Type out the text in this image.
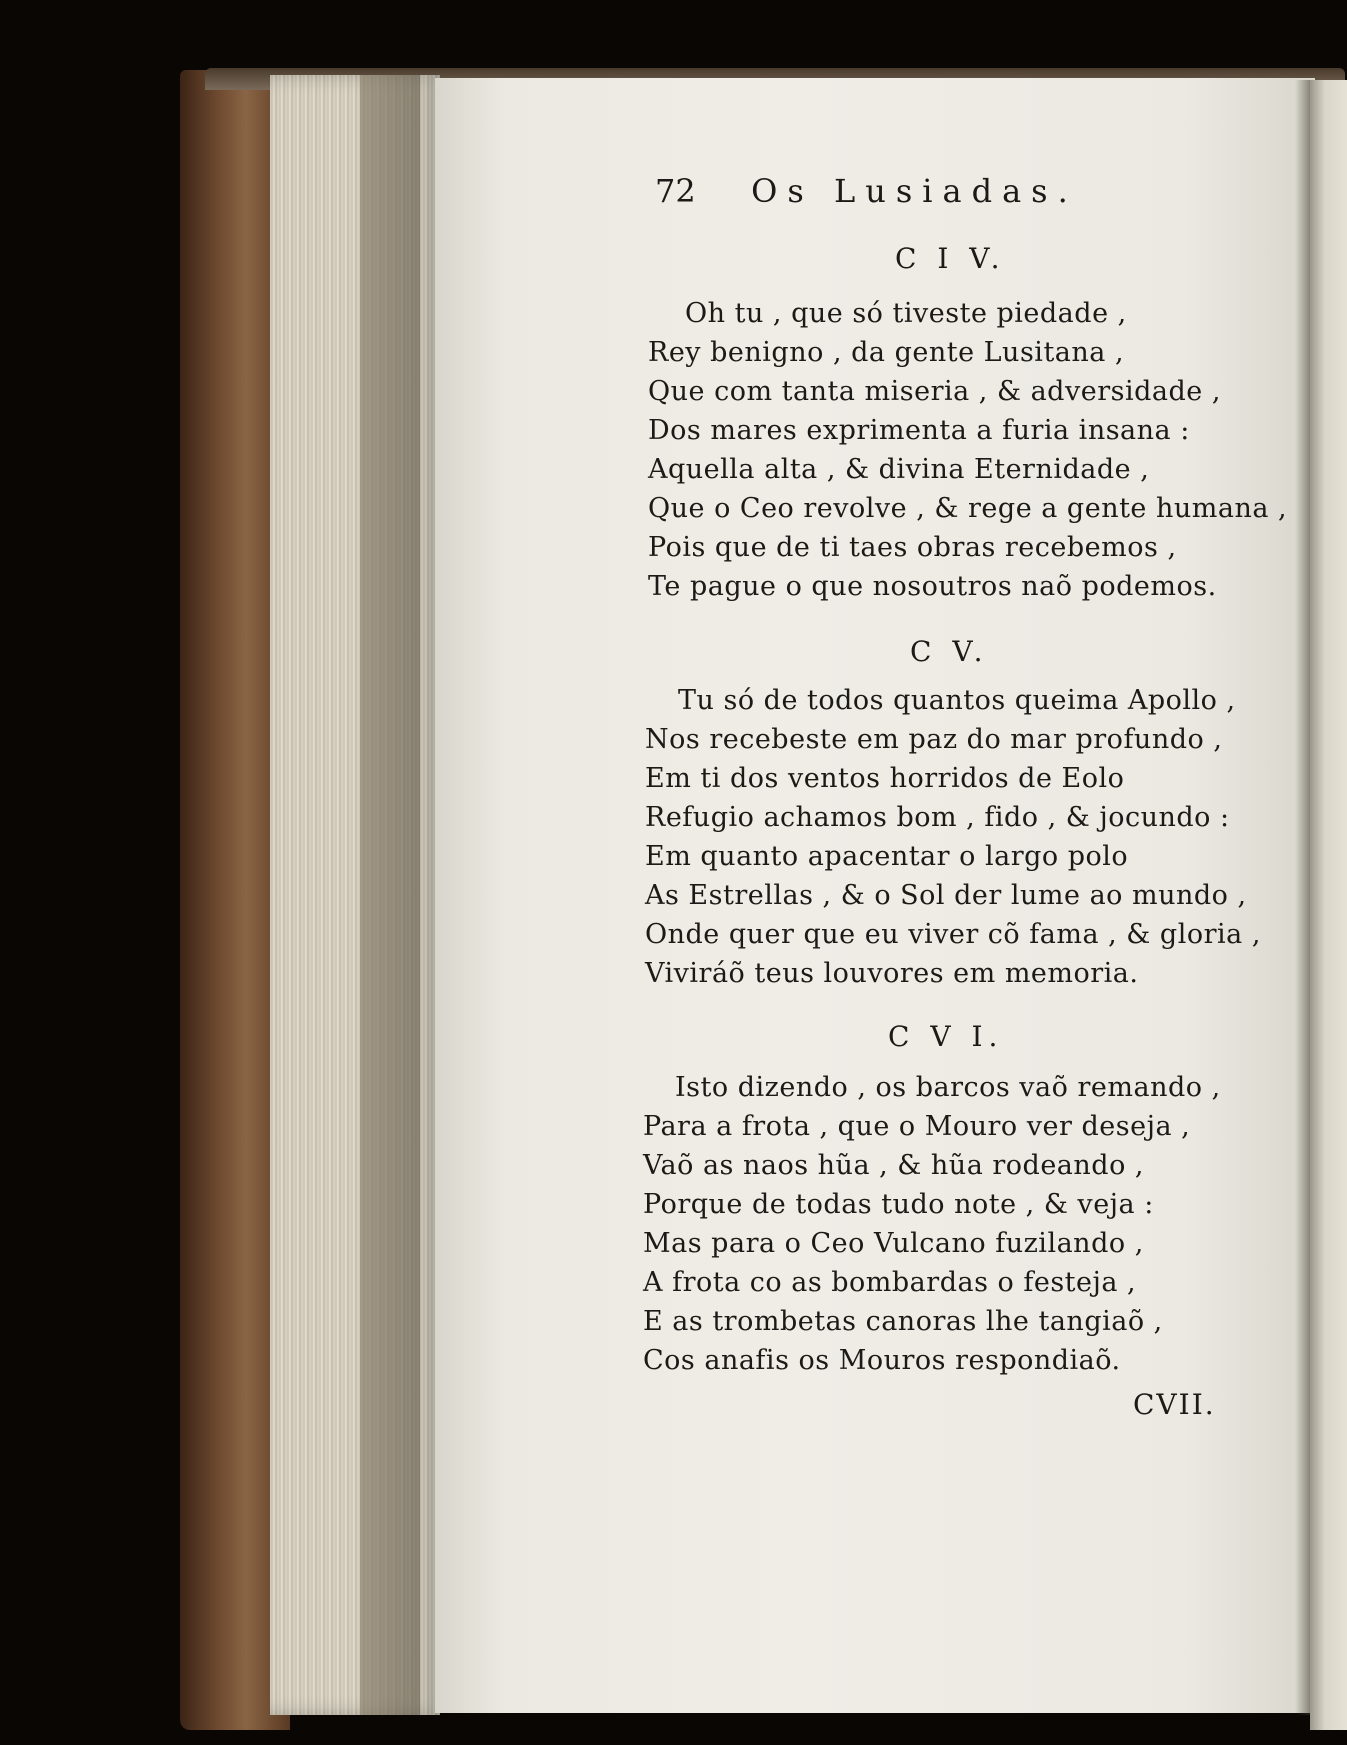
72 Os Lusiadas.
C I V.
Oh tu , que só tiveste piedade ,
Rey benigno , da gente Lusitana ,
Que com tanta miseria , & adversidade ,
Dos mares exprimenta a furia insana :
Aquella alta , & divina Eternidade ,
Que o Ceo revolve , & rege a gente humana ,
Pois que de ti taes obras recebemos ,
Te pague o que nosoutros naõ podemos.
C V.
Tu só de todos quantos queima Apollo ,
Nos recebeste em paz do mar profundo ,
Em ti dos ventos horridos de Eolo
Refugio achamos bom , fido , & jocundo :
Em quanto apacentar o largo polo
As Estrellas , & o Sol der lume ao mundo ,
Onde quer que eu viver cõ fama , & gloria ,
Viviráõ teus louvores em memoria.
C V I.
Isto dizendo , os barcos vaõ remando ,
Para a frota , que o Mouro ver deseja ,
Vaõ as naos hũa , & hũa rodeando ,
Porque de todas tudo note , & veja :
Mas para o Ceo Vulcano fuzilando ,
A frota co as bombardas o festeja ,
E as trombetas canoras lhe tangiaõ ,
Cos anafis os Mouros respondiaõ.
CVII.
